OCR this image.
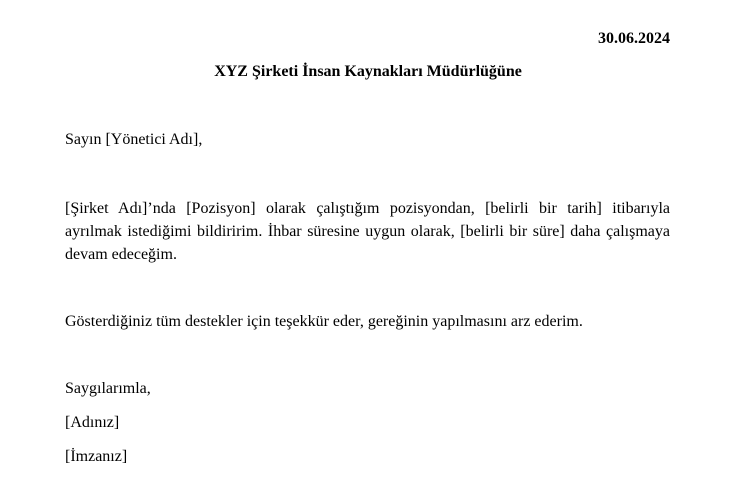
30.06.2024
XYZ Şirketi İnsan Kaynakları Müdürlüğüne
Sayın [Yönetici Adı],
[Şirket Adı]’nda [Pozisyon] olarak çalıştığım pozisyondan, [belirli bir tarih] itibarıyla ayrılmak istediğimi bildiririm. İhbar süresine uygun olarak, [belirli bir süre] daha çalışmaya devam edeceğim.
Gösterdiğiniz tüm destekler için teşekkür eder, gereğinin yapılmasını arz ederim.
Saygılarımla,
[Adınız]
[İmzanız]
